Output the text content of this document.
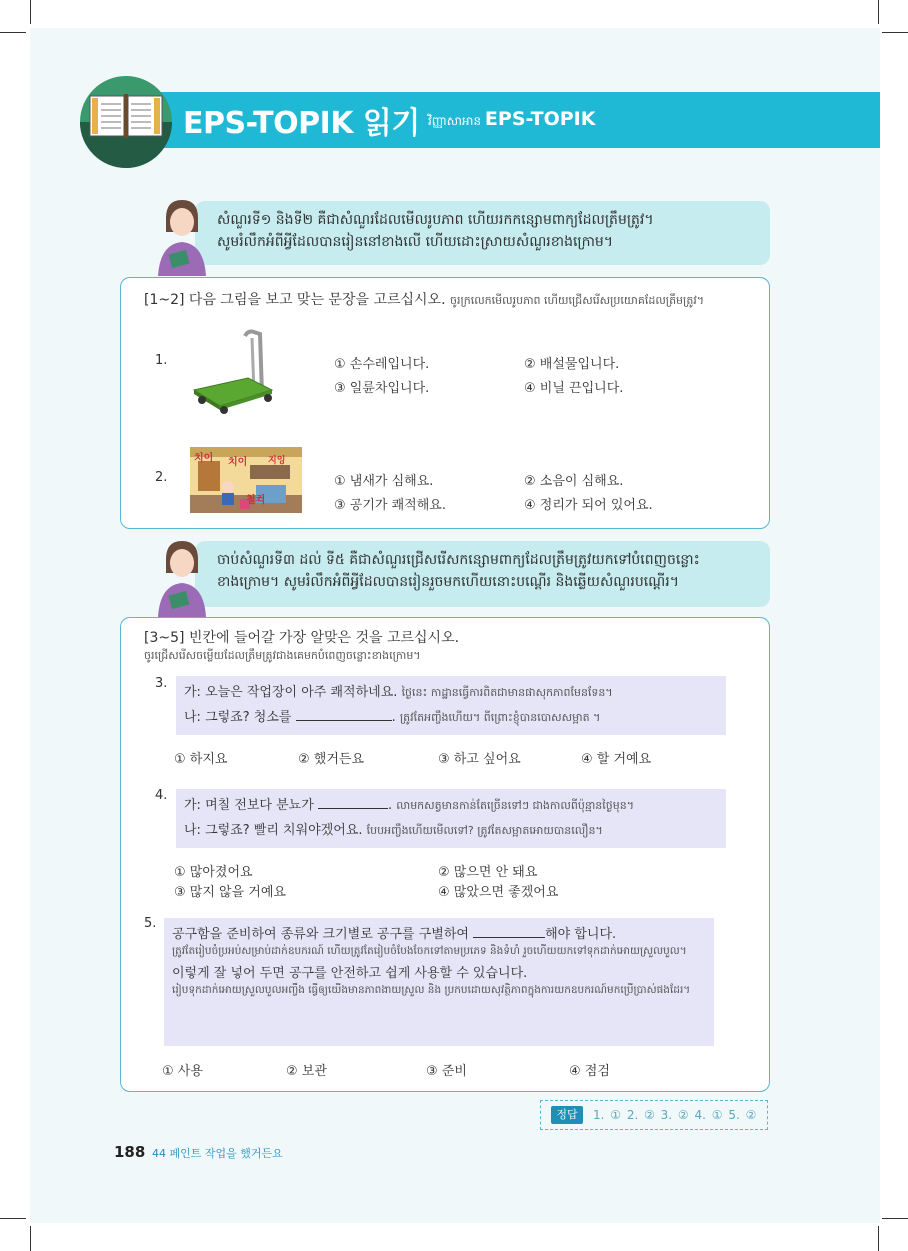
EPS-TOPIK 읽기 វិញ្ញាសាអាន EPS-TOPIK
សំណួរទី១ និងទី២ គឺជាសំណួរដែលមើលរូបភាព ហើយរកកន្សោមពាក្យដែលត្រឹមត្រូវ។
សូមរំលឹកអំពីអ្វីដែលបានរៀននៅខាងលើ ហើយដោះស្រាយសំណួរខាងក្រោម។
[1~2] 다음 그림을 보고 맞는 문장을 고르십시오. ចូរក្រលេកមើលរូបភាព ហើយជ្រើសរើសប្រយោគដែលត្រឹមត្រូវ។
1.	① 손수레입니다.	② 배설물입니다.
③ 일륜차입니다.	④ 비닐 끈입니다.
2.
치이 치이 지잉
철컥
① 냄새가 심해요.	② 소음이 심해요.
③ 공기가 쾌적해요.	④ 정리가 되어 있어요.
ចាប់សំណួរទី៣ ដល់ ទី៥ គឺជាសំណួរជ្រើសរើសកន្សោមពាក្យដែលត្រឹមត្រូវយកទៅបំពេញចន្លោះ
ខាងក្រោម។ សូមរំលឹកអំពីអ្វីដែលបានរៀនរួចមកហើយនោះបណ្តើរ និងឆ្លើយសំណួរបណ្តើរ។
[3~5] 빈칸에 들어갈 가장 알맞은 것을 고르십시오.
ចូរជ្រើសរើសចម្លើយដែលត្រឹមត្រូវជាងគេមកបំពេញចន្លោះខាងក្រោម។
3.
가: 오늘은 작업장이 아주 쾌적하네요. ថ្ងៃនេះ កាដ្ឋានធ្វើការពិតជាមានផាសុកភាពមែនទែន។
나: 그렇죠? 청소를	. ត្រូវតែអញ្ចឹងហើយ។ ពីព្រោះខ្ញុំបានបោសសម្អាត ។
① 하지요	② 했거든요	③ 하고 싶어요	④ 할 거예요
4.
가: 며칠 전보다 분뇨가	. លាមកសត្វមានកាន់តែច្រើនទៅៗ ជាងកាលពីប៉ុន្មានថ្ងៃមុន។
나: 그렇죠? 빨리 치워야겠어요. បែបអញ្ចឹងហើយមើលទៅ? ត្រូវតែសម្អាតអោយបានលឿន។
① 많아졌어요	② 많으면 안 돼요
③ 많지 않을 거예요	④ 많았으면 좋겠어요
5.
공구함을 준비하여 종류와 크기별로 공구를 구별하여	해야 합니다.
ត្រូវតែរៀបចំប្រអប់សម្រាប់ដាក់ឧបករណ៍ ហើយត្រូវតែរៀបចំបែងចែកទៅតាមប្រភេទ និងទំហំ រួចហើយយកទៅទុកដាក់អោយស្រួលបួល។
이렇게 잘 넣어 두면 공구를 안전하고 쉽게 사용할 수 있습니다.
រៀបទុកដាក់អោយស្រួលបួលអញ្ចឹង ធ្វើឲ្យយើងមានភាពងាយស្រួល និង ប្រកបដោយសុវត្ថិភាពក្នុងការយកឧបករណ៍មកប្រើប្រាស់ផងដែរ។
① 사용	② 보관	③ 준비	④ 점검
정답	1. ① 2. ② 3. ② 4. ① 5. ②
188 44 페인트 작업을 했거든요
